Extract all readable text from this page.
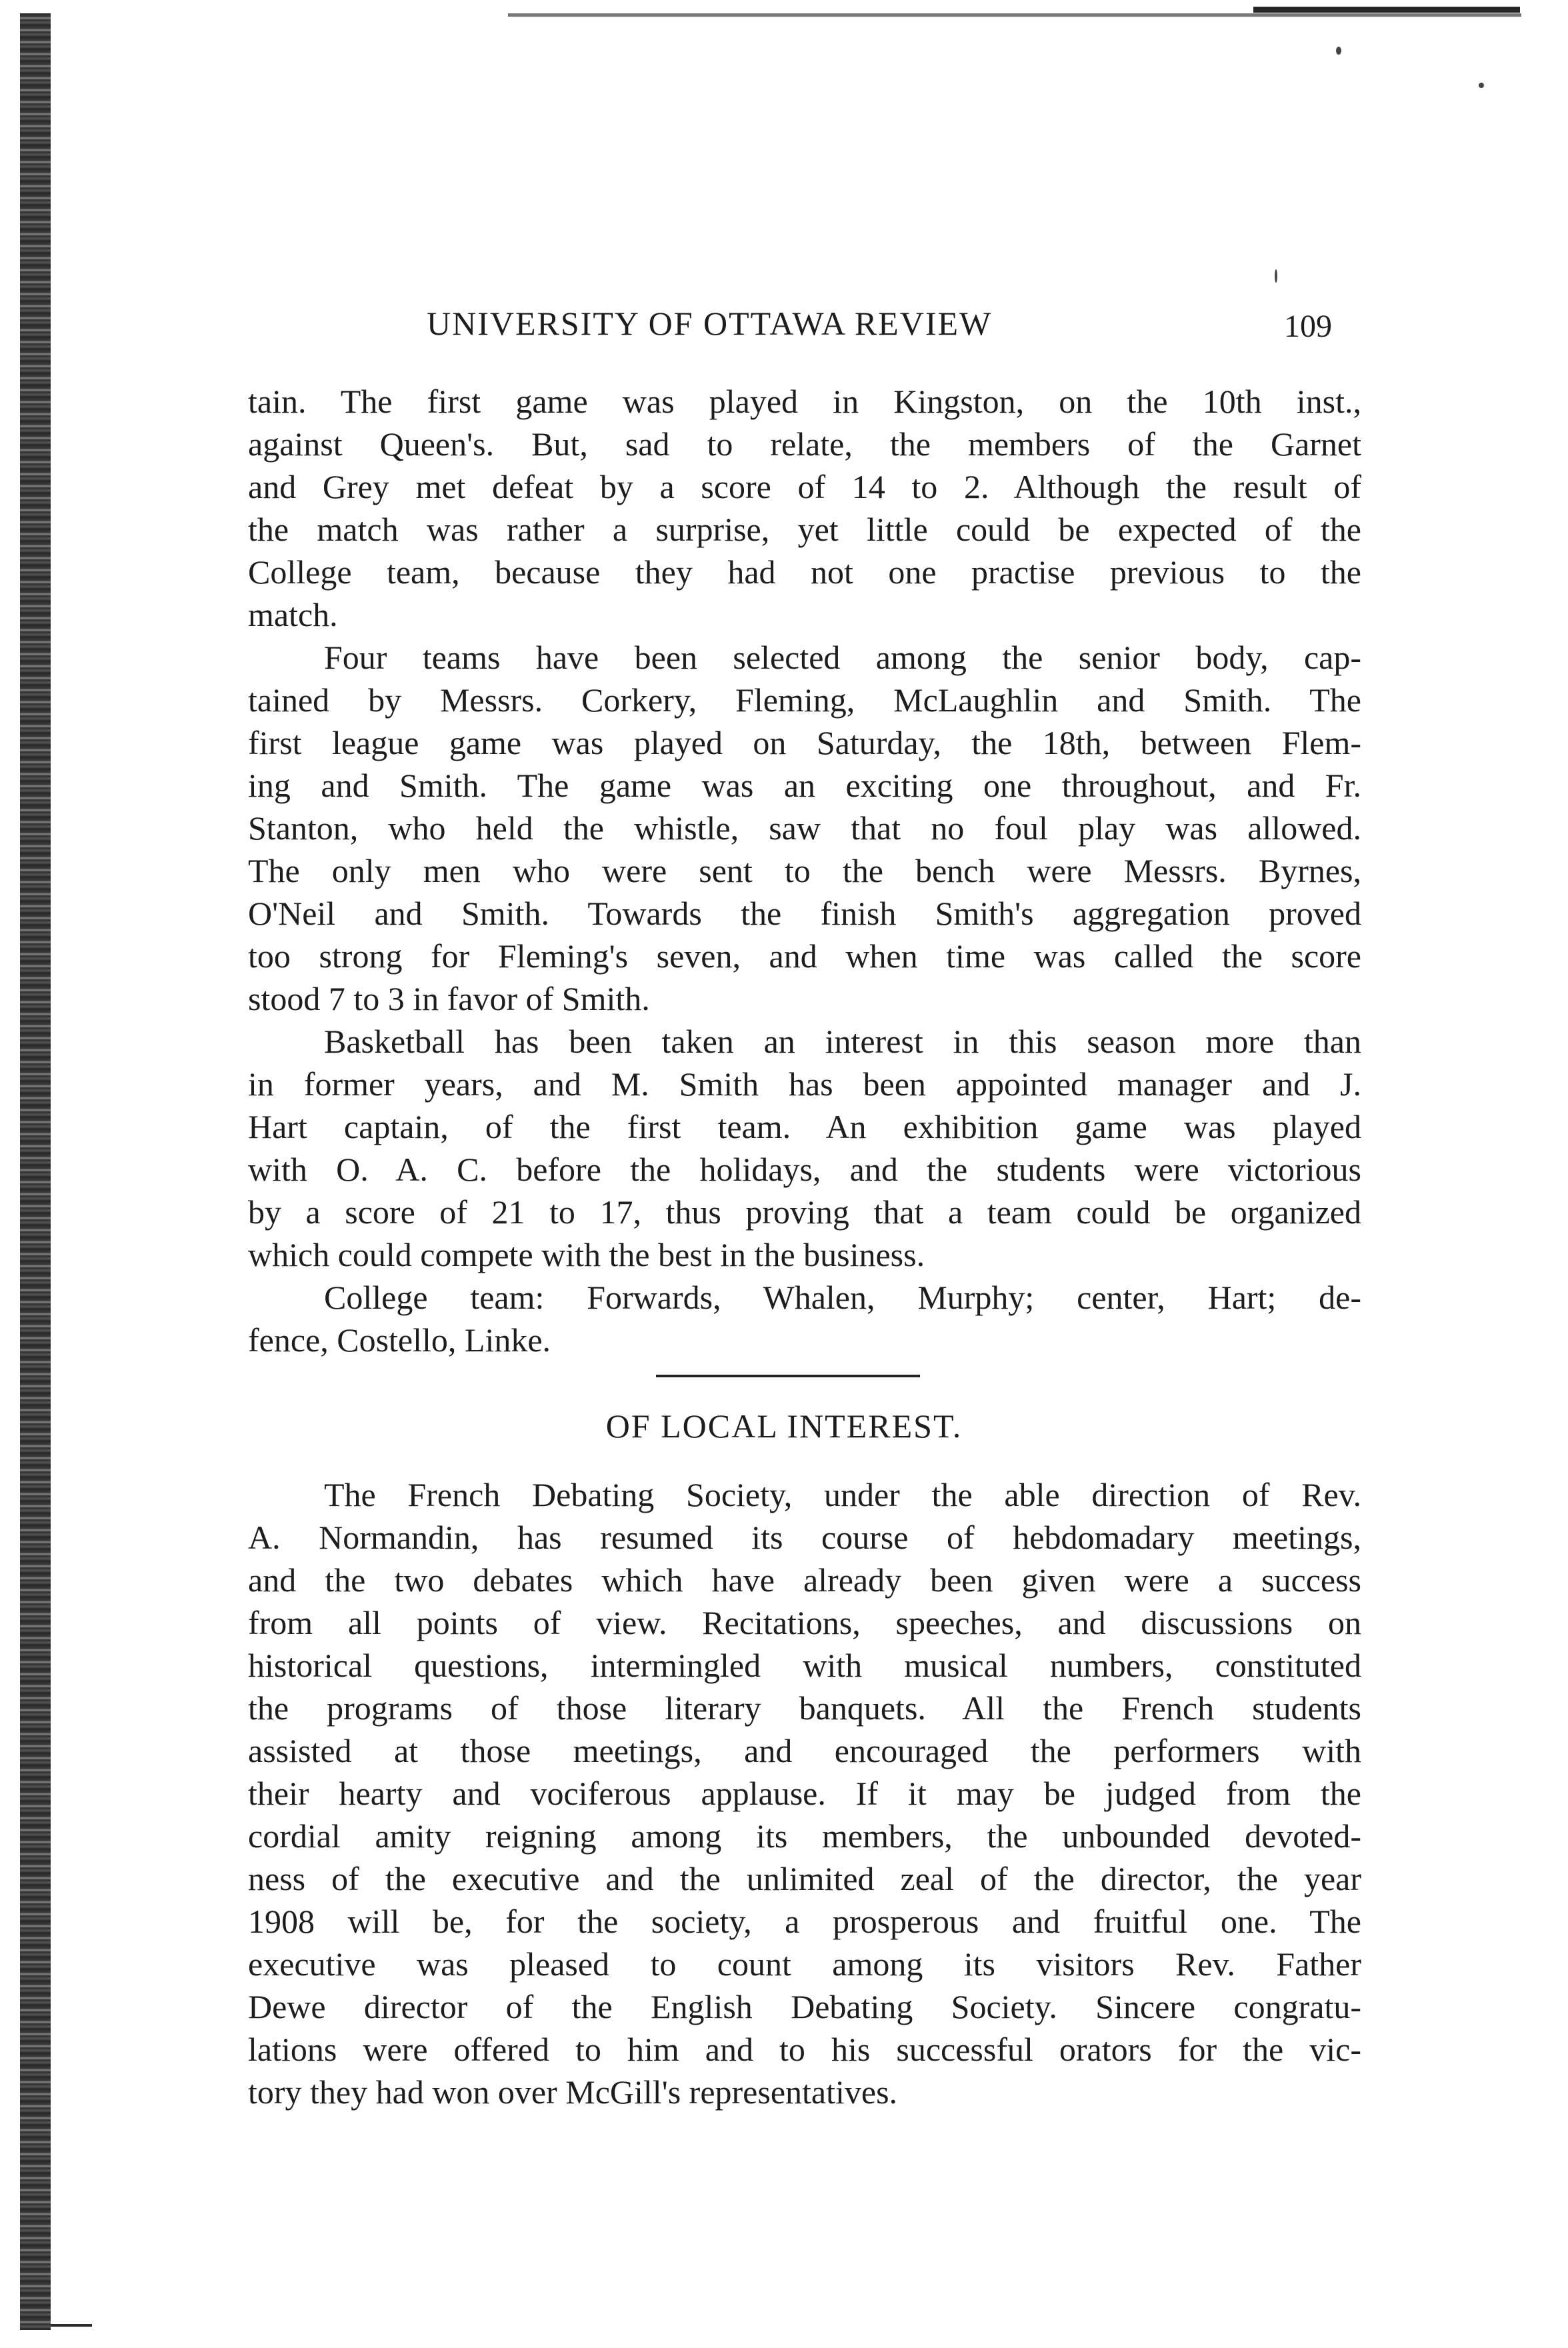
UNIVERSITY OF OTTAWA REVIEW	109
tain. The first game was played in Kingston, on the 10th inst.,
against Queen's. But, sad to relate, the members of the Garnet
and Grey met defeat by a score of 14 to 2. Although the result of
the match was rather a surprise, yet little could be expected of the
College team, because they had not one practise previous to the
match.
Four teams have been selected among the senior body, cap-
tained by Messrs. Corkery, Fleming, McLaughlin and Smith. The
first league game was played on Saturday, the 18th, between Flem-
ing and Smith. The game was an exciting one throughout, and Fr.
Stanton, who held the whistle, saw that no foul play was allowed.
The only men who were sent to the bench were Messrs. Byrnes,
O'Neil and Smith. Towards the finish Smith's aggregation proved
too strong for Fleming's seven, and when time was called the score
stood 7 to 3 in favor of Smith.
Basketball has been taken an interest in this season more than
in former years, and M. Smith has been appointed manager and J.
Hart captain, of the first team. An exhibition game was played
with O. A. C. before the holidays, and the students were victorious
by a score of 21 to 17, thus proving that a team could be organized
which could compete with the best in the business.
College team: Forwards, Whalen, Murphy; center, Hart; de-
fence, Costello, Linke.
OF LOCAL INTEREST.
The French Debating Society, under the able direction of Rev.
A. Normandin, has resumed its course of hebdomadary meetings,
and the two debates which have already been given were a success
from all points of view. Recitations, speeches, and discussions on
historical questions, intermingled with musical numbers, constituted
the programs of those literary banquets. All the French students
assisted at those meetings, and encouraged the performers with
their hearty and vociferous applause. If it may be judged from the
cordial amity reigning among its members, the unbounded devoted-
ness of the executive and the unlimited zeal of the director, the year
1908 will be, for the society, a prosperous and fruitful one. The
executive was pleased to count among its visitors Rev. Father
Dewe director of the English Debating Society. Sincere congratu-
lations were offered to him and to his successful orators for the vic-
tory they had won over McGill's representatives.
